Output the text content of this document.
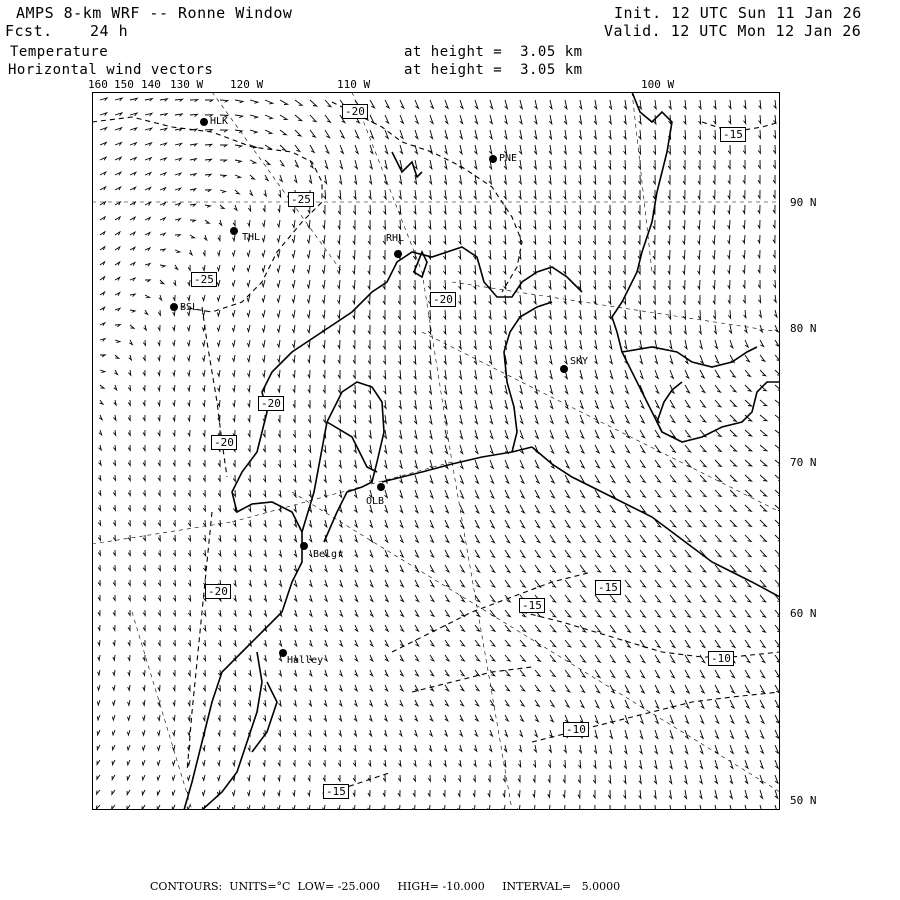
AMPS 8-km WRF -- Ronne Window
Fcst. 24 h
Init. 12 UTC Sun 11 Jan 26
Valid. 12 UTC Mon 12 Jan 26
Temperature
Horizontal wind vectors
at height =  3.05 km
at height =  3.05 km
160 150 140 130 W 120 W	110 W	100 W
90 N
80 N
70 N
60 N
50 N
HLK
PNE
THL	RHL
BSL
SKY
OLB
Belgr
Halley
-20
-15
-25
-25
-20
-20
-20
-20
-15
-15
-10
-10
-15
CONTOURS:  UNITS=°C  LOW= -25.000     HIGH= -10.000     INTERVAL=   5.0000
